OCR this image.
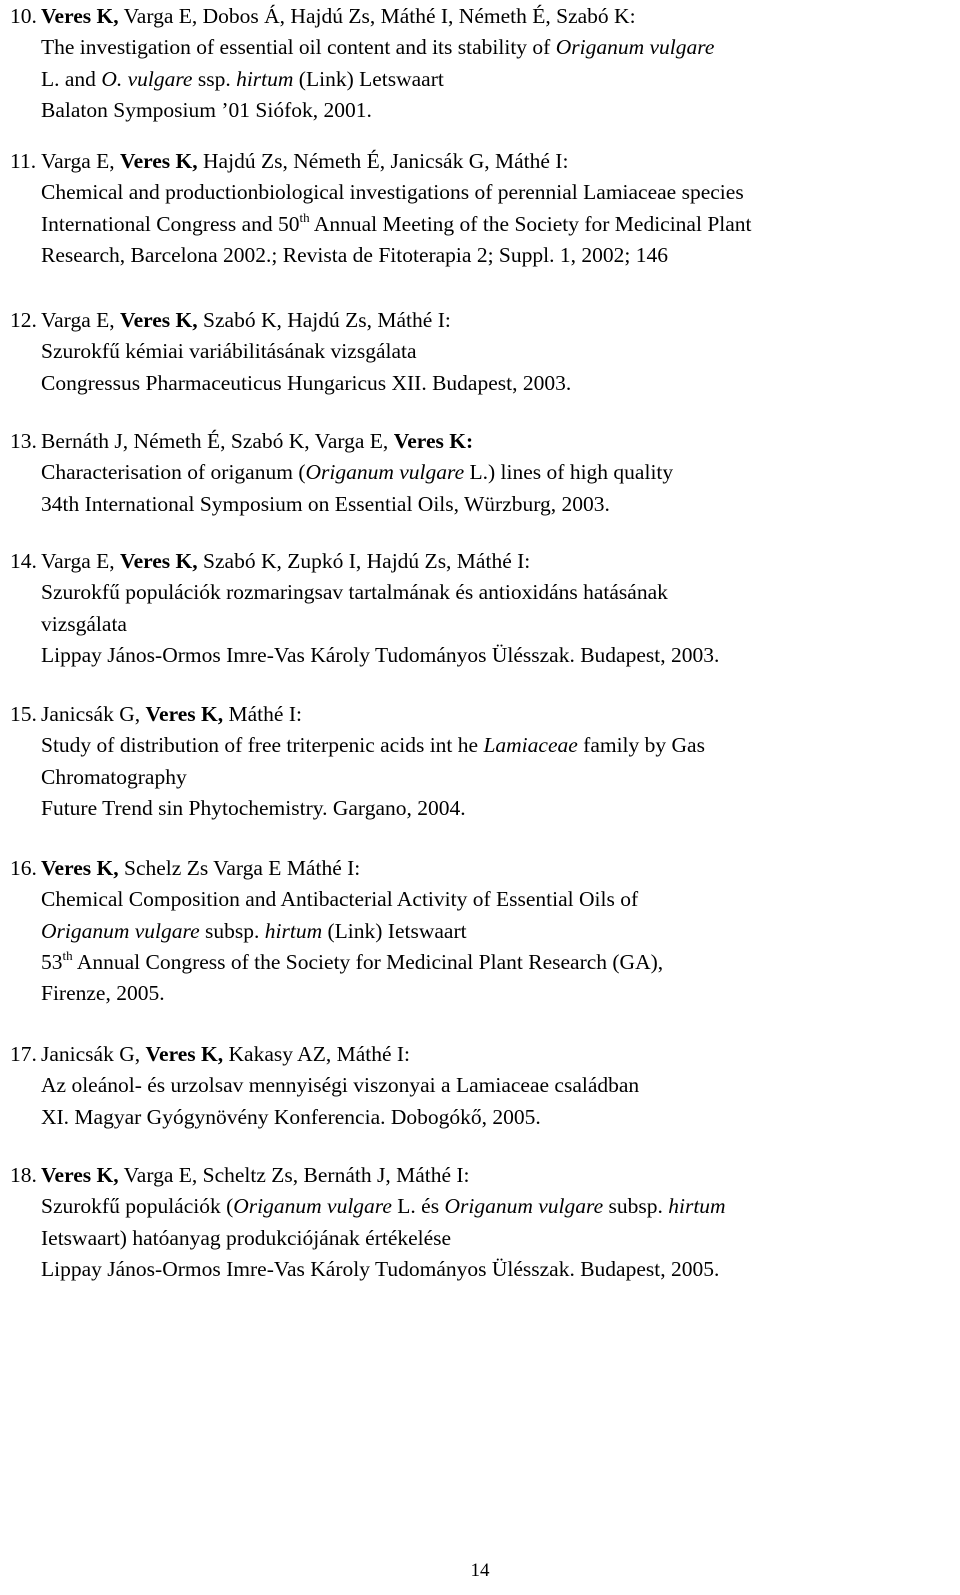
10. Veres K, Varga E, Dobos Á, Hajdú Zs, Máthé I, Németh É, Szabó K:
The investigation of essential oil content and its stability of Origanum vulgare
L. and O. vulgare ssp. hirtum (Link) Letswaart
Balaton Symposium ’01 Siófok, 2001.
11. Varga E, Veres K, Hajdú Zs, Németh É, Janicsák G, Máthé I:
Chemical and productionbiological investigations of perennial Lamiaceae species
International Congress and 50th Annual Meeting of the Society for Medicinal Plant
Research, Barcelona 2002.; Revista de Fitoterapia 2; Suppl. 1, 2002; 146
12. Varga E, Veres K, Szabó K, Hajdú Zs, Máthé I:
Szurokfű kémiai variábilitásának vizsgálata
Congressus Pharmaceuticus Hungaricus XII. Budapest, 2003.
13. Bernáth J, Németh É, Szabó K, Varga E, Veres K:
Characterisation of origanum (Origanum vulgare L.) lines of high quality
34th International Symposium on Essential Oils, Würzburg, 2003.
14. Varga E, Veres K, Szabó K, Zupkó I, Hajdú Zs, Máthé I:
Szurokfű populációk rozmaringsav tartalmának és antioxidáns hatásának
vizsgálata
Lippay János-Ormos Imre-Vas Károly Tudományos Ülésszak. Budapest, 2003.
15. Janicsák G, Veres K, Máthé I:
Study of distribution of free triterpenic acids int he Lamiaceae family by Gas
Chromatography
Future Trend sin Phytochemistry. Gargano, 2004.
16. Veres K, Schelz Zs Varga E Máthé I:
Chemical Composition and Antibacterial Activity of Essential Oils of
Origanum vulgare subsp. hirtum (Link) Ietswaart
53th Annual Congress of the Society for Medicinal Plant Research (GA),
Firenze, 2005.
17. Janicsák G, Veres K, Kakasy AZ, Máthé I:
Az oleánol- és urzolsav mennyiségi viszonyai a Lamiaceae családban
XI. Magyar Gyógynövény Konferencia. Dobogókő, 2005.
18. Veres K, Varga E, Scheltz Zs, Bernáth J, Máthé I:
Szurokfű populációk (Origanum vulgare L. és Origanum vulgare subsp. hirtum
Ietswaart) hatóanyag produkciójának értékelése
Lippay János-Ormos Imre-Vas Károly Tudományos Ülésszak. Budapest, 2005.
14
